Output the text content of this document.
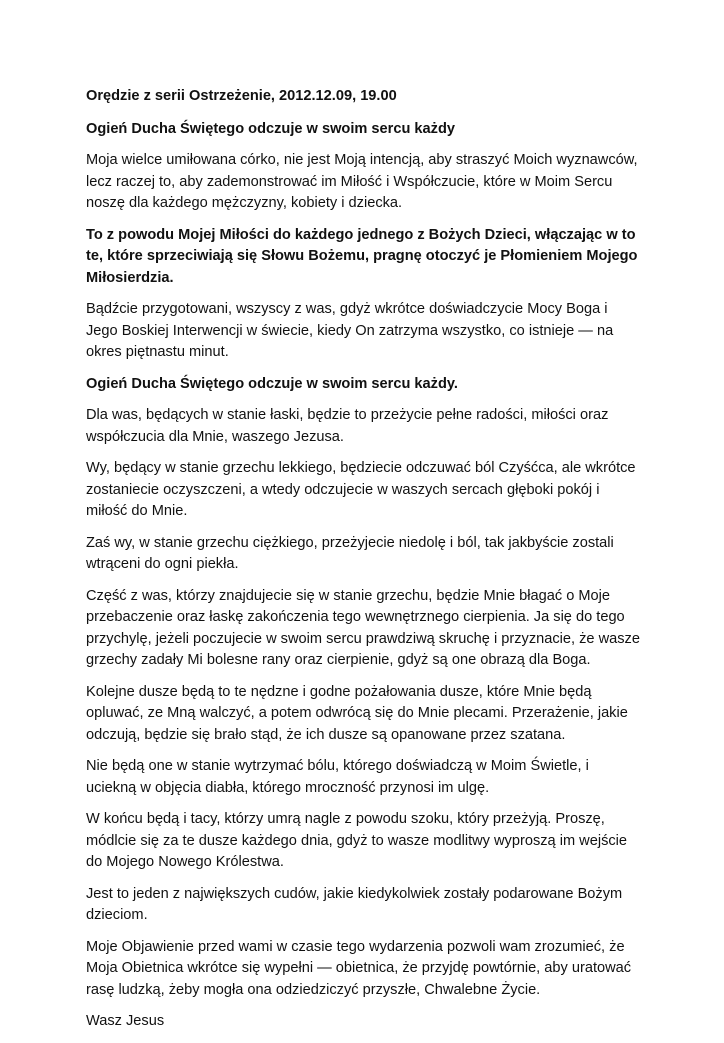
Orędzie z serii Ostrzeżenie, 2012.12.09, 19.00

Ogień Ducha Świętego odczuje w swoim sercu każdy

Moja wielce umiłowana córko, nie jest Moją intencją, aby straszyć Moich wyznawców, lecz raczej to, aby zademonstrować im Miłość i Współczucie, które w Moim Sercu noszę dla każdego mężczyzny, kobiety i dziecka.

To z powodu Mojej Miłości do każdego jednego z Bożych Dzieci, włączając w to te, które sprzeciwiają się Słowu Bożemu, pragnę otoczyć je Płomieniem Mojego Miłosierdzia.

Bądźcie przygotowani, wszyscy z was, gdyż wkrótce doświadczycie Mocy Boga i Jego Boskiej Interwencji w świecie, kiedy On zatrzyma wszystko, co istnieje — na okres piętnastu minut.

Ogień Ducha Świętego odczuje w swoim sercu każdy.

Dla was, będących w stanie łaski, będzie to przeżycie pełne radości, miłości oraz współczucia dla Mnie, waszego Jezusa.

Wy, będący w stanie grzechu lekkiego, będziecie odczuwać ból Czyśćca, ale wkrótce zostaniecie oczyszczeni, a wtedy odczujecie w waszych sercach głęboki pokój i miłość do Mnie.

Zaś wy, w stanie grzechu ciężkiego, przeżyjecie niedolę i ból, tak jakbyście zostali wtrąceni do ogni piekła.

Część z was, którzy znajdujecie się w stanie grzechu, będzie Mnie błagać o Moje przebaczenie oraz łaskę zakończenia tego wewnętrznego cierpienia. Ja się do tego przychylę, jeżeli poczujecie w swoim sercu prawdziwą skruchę i przyznacie, że wasze grzechy zadały Mi bolesne rany oraz cierpienie, gdyż są one obrazą dla Boga.

Kolejne dusze będą to te nędzne i godne pożałowania dusze, które Mnie będą opluwać, ze Mną walczyć, a potem odwrócą się do Mnie plecami. Przerażenie, jakie odczują, będzie się brało stąd, że ich dusze są opanowane przez szatana.

Nie będą one w stanie wytrzymać bólu, którego doświadczą w Moim Świetle, i uciekną w objęcia diabła, którego mroczność przynosi im ulgę.

W końcu będą i tacy, którzy umrą nagle z powodu szoku, który przeżyją. Proszę, módlcie się za te dusze każdego dnia, gdyż to wasze modlitwy wyproszą im wejście do Mojego Nowego Królestwa.

Jest to jeden z największych cudów, jakie kiedykolwiek zostały podarowane Bożym dzieciom.

Moje Objawienie przed wami w czasie tego wydarzenia pozwoli wam zrozumieć, że Moja Obietnica wkrótce się wypełni — obietnica, że przyjdę powtórnie, aby uratować rasę ludzką, żeby mogła ona odziedziczyć przyszłe, Chwalebne Życie.

Wasz Jesus
